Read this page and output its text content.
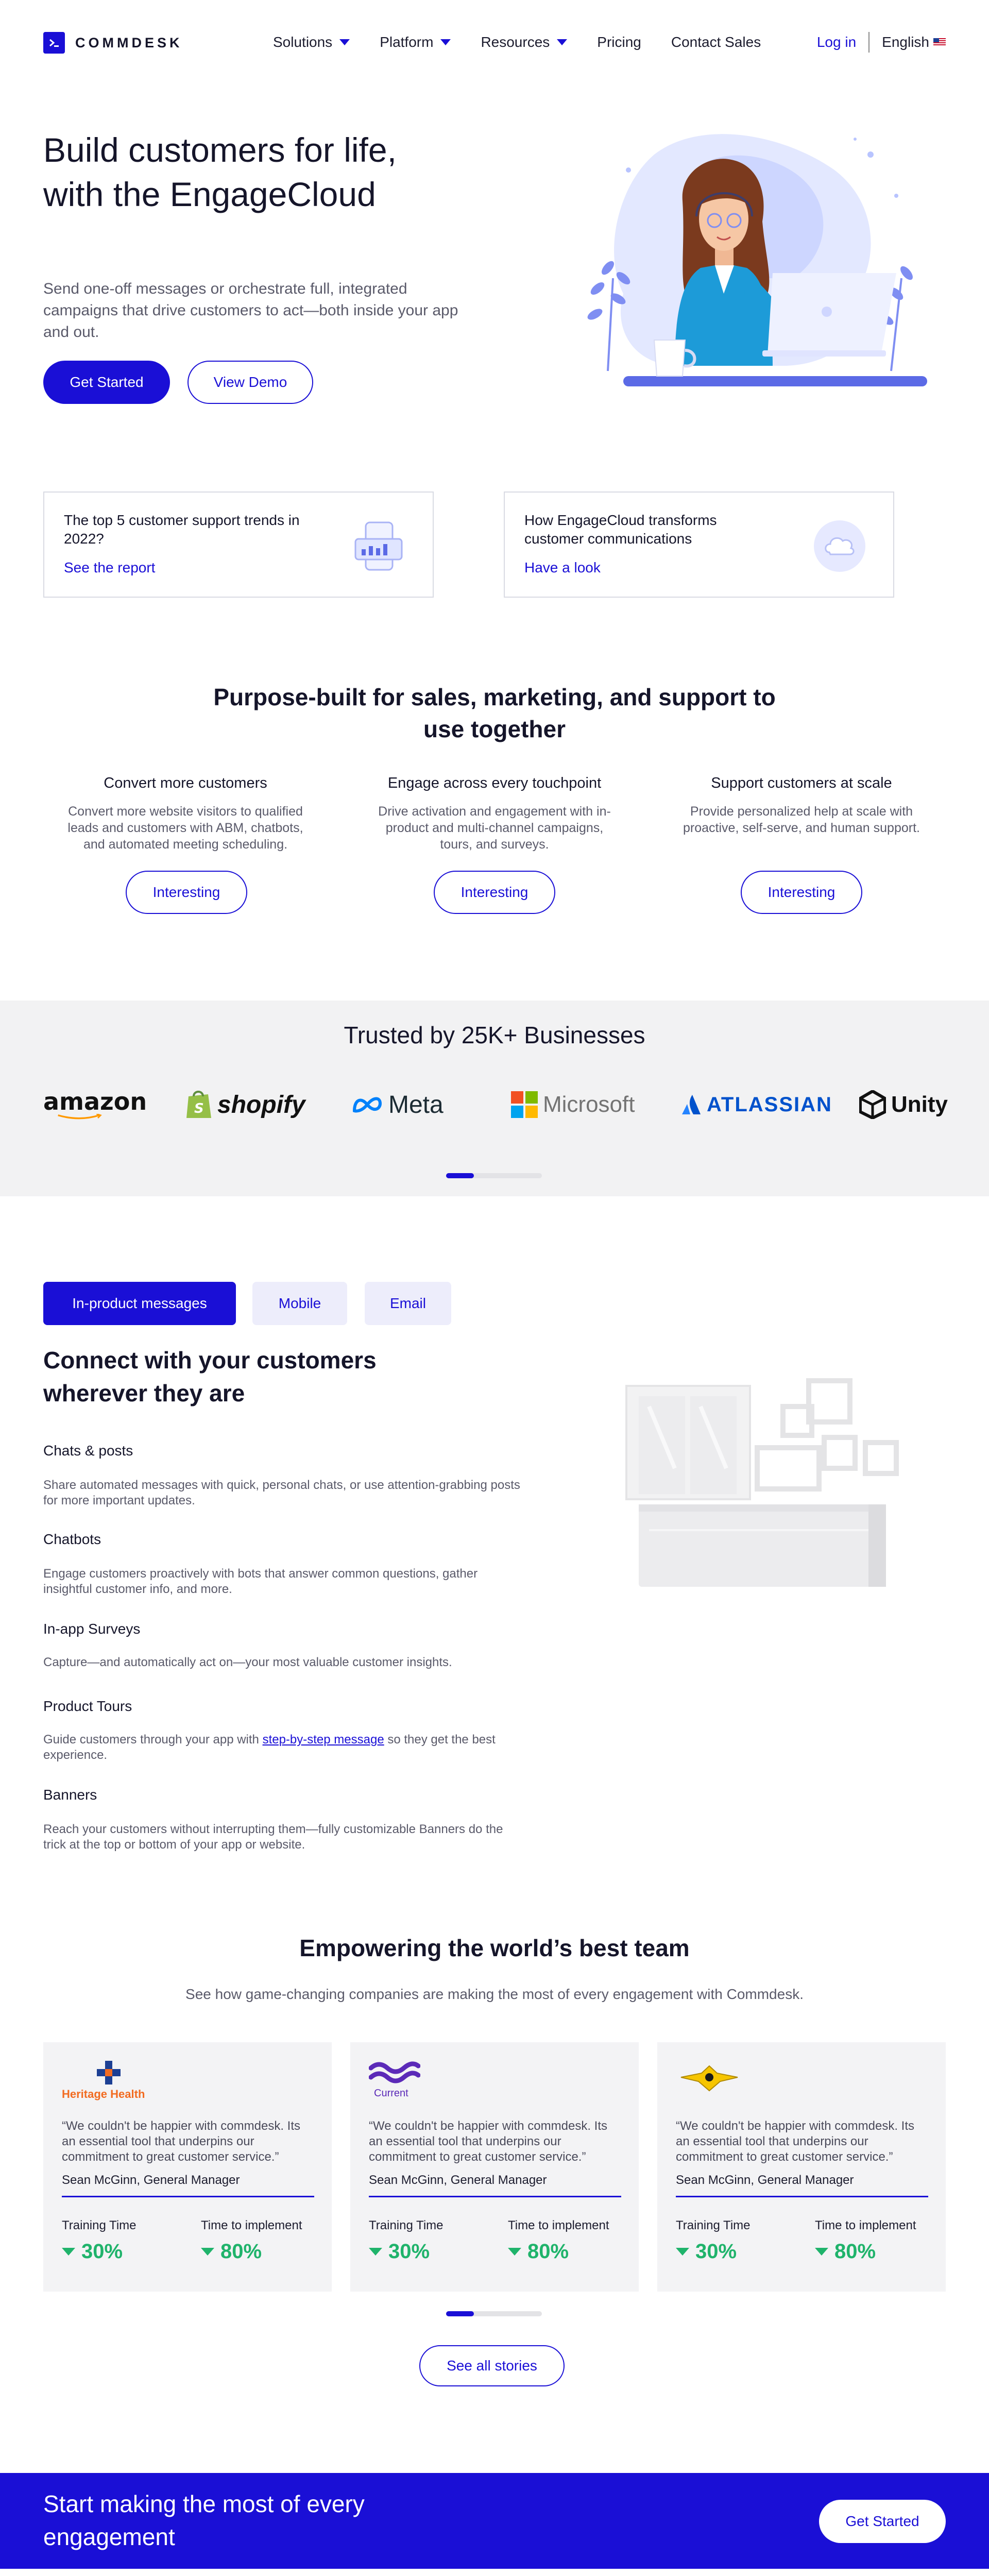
COMMDESK	Solutions	Platform	Resources	Pricing Contact Sales	Log in	English
Build customers for life, with the EngageCloud

Send one-off messages or orchestrate full, integrated campaigns that drive customers to act—both inside your app and out.

Get Started	View Demo
The top 5 customer support trends in 2022?
See the report
How EngageCloud transforms customer communications
Have a look
Purpose-built for sales, marketing, and support to use together
Convert more customers
Convert more website visitors to qualified leads and customers with ABM, chatbots, and automated meeting scheduling.
Engage across every touchpoint
Drive activation and engagement with in-product and multi-channel campaigns, tours, and surveys.
Support customers at scale
Provide personalized help at scale with proactive, self-serve, and human support.
Interesting	Interesting	Interesting
Trusted by 25K+ Businesses
amazon	S shopify	Meta	Microsoft	ATLASSIAN	Unity
In-product messages	Mobile	Email
Connect with your customers wherever they are
Chats & posts
Share automated messages with quick, personal chats, or use attention-grabbing posts for more important updates.
Chatbots
Engage customers proactively with bots that answer common questions, gather insightful customer info, and more.
In-app Surveys
Capture—and automatically act on—your most valuable customer insights.
Product Tours
Guide customers through your app with step-by-step message so they get the best experience.
Banners
Reach your customers without interrupting them—fully customizable Banners do the trick at the top or bottom of your app or website.
Empowering the world’s best team
See how game-changing companies are making the most of every engagement with Commdesk.
Heritage Health
“We couldn't be happier with commdesk. Its an essential tool that underpins our commitment to great customer service.”
Sean McGinn, General Manager
Training Time	Time to implement
30%	80%
Current
“We couldn't be happier with commdesk. Its an essential tool that underpins our commitment to great customer service.”
Sean McGinn, General Manager
Training Time	Time to implement
30%	80%
“We couldn't be happier with commdesk. Its an essential tool that underpins our commitment to great customer service.”
Sean McGinn, General Manager
Training Time	Time to implement
30%	80%
See all stories
Start making the most of every engagement
Get Started
